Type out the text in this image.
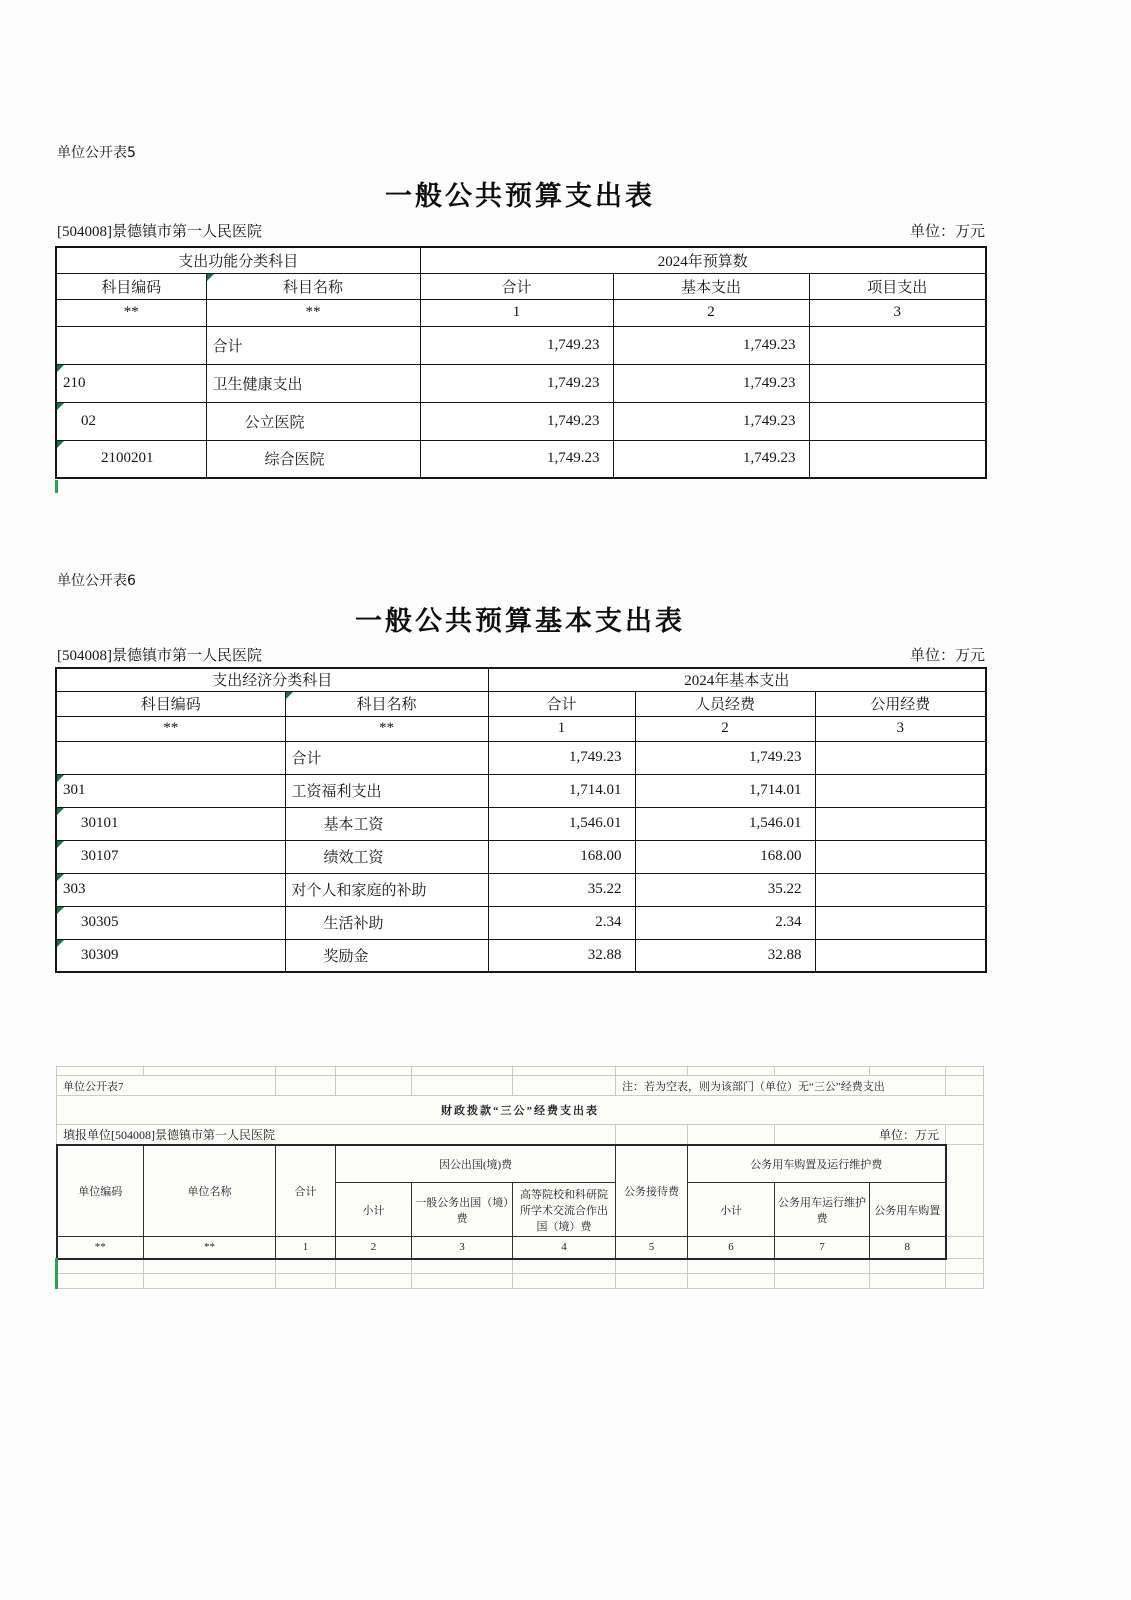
单位公开表5
一般公共预算支出表
[504008]景德镇市第一人民医院	单位：万元
支出功能分类科目		2024年预算数		
科目编码	科目名称	合计	基本支出	项目支出
**	**	1	2	3
	合计	1,749.23	1,749.23	
210	卫生健康支出	1,749.23	1,749.23	
02	公立医院	1,749.23	1,749.23	
2100201	综合医院	1,749.23	1,749.23	
单位公开表6
一般公共预算基本支出表
[504008]景德镇市第一人民医院	单位：万元
支出经济分类科目		2024年基本支出		
科目编码	科目名称	合计	人员经费	公用经费
**	**	1	2	3
	合计	1,749.23	1,749.23	
301	工资福利支出	1,714.01	1,714.01	
30101	基本工资	1,546.01	1,546.01	
30107	绩效工资	168.00	168.00	
303	对个人和家庭的补助	35.22	35.22	
30305	生活补助	2.34	2.34	
30309	奖励金	32.88	32.88	

单位公开表7						注：若为空表，则为该部门（单位）无“三公”经费支出				
财政拨款“三公”经费支出表										
填报单位[504008]景德镇市第一人民医院								单位：万元		
单位编码	单位名称	合计	因公出国(境)费			公务接待费	公务用车购置及运行维护费			
			小计	一般公务出国（境）费	高等院校和科研院所学术交流合作出国（境）费		小计	公务用车运行维护费	公务用车购置	
**	**	1	2	3	4	5	6	7	8	
